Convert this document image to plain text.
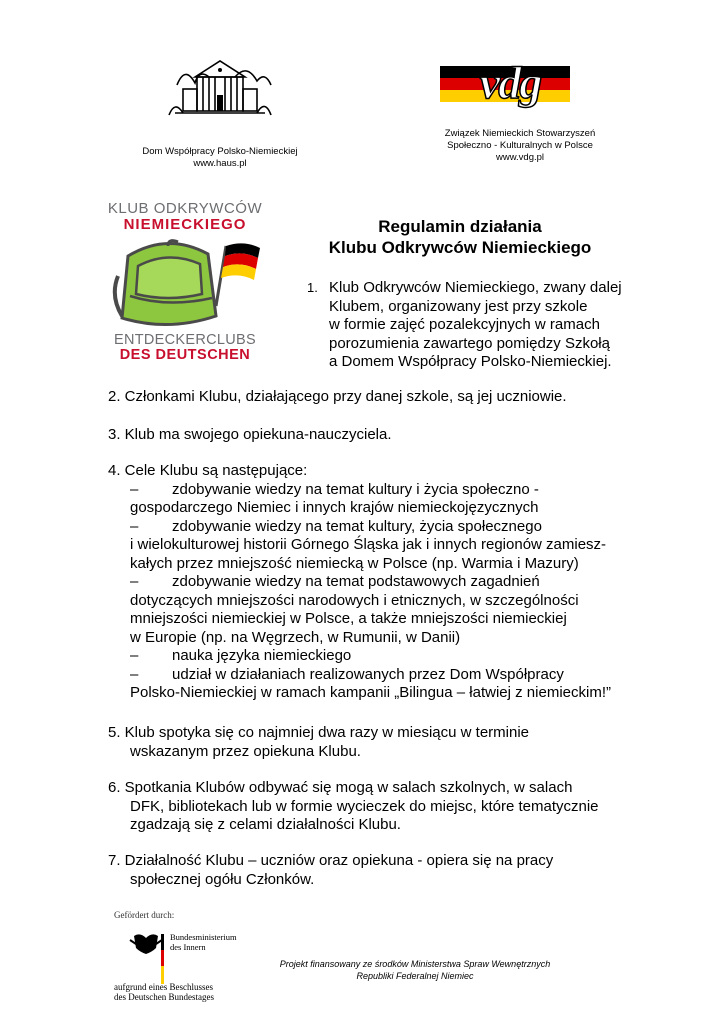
Dom Współpracy Polsko-Niemieckiej
www.haus.pl
vdg
Związek Niemieckich Stowarzyszeń
Społeczno - Kulturalnych w Polsce
www.vdg.pl
KLUB ODKRYWCÓW
NIEMIECKIEGO
ENTDECKERCLUBS
DES DEUTSCHEN
Regulamin działania
Klubu Odkrywców Niemieckiego
1. Klub Odkrywców Niemieckiego, zwany dalej
Klubem, organizowany jest przy szkole
w formie zajęć pozalekcyjnych w ramach
porozumienia zawartego pomiędzy Szkołą
a Domem Współpracy Polsko-Niemieckiej.
2. Członkami Klubu, działającego przy danej szkole, są jej uczniowie.
3. Klub ma swojego opiekuna-nauczyciela.
4. Cele Klubu są następujące:
– zdobywanie wiedzy na temat kultury i życia społeczno -
gospodarczego Niemiec i innych krajów niemieckojęzycznych
– zdobywanie wiedzy na temat kultury, życia społecznego
i wielokulturowej historii Górnego Śląska jak i innych regionów zamiesz-
kałych przez mniejszość niemiecką w Polsce (np. Warmia i Mazury)
– zdobywanie wiedzy na temat podstawowych zagadnień
dotyczących mniejszości narodowych i etnicznych, w szczególności
mniejszości niemieckiej w Polsce, a także mniejszości niemieckiej
w Europie (np. na Węgrzech, w Rumunii, w Danii)
– nauka języka niemieckiego
– udział w działaniach realizowanych przez Dom Współpracy
Polsko-Niemieckiej w ramach kampanii „Bilingua – łatwiej z niemieckim!”
5. Klub spotyka się co najmniej dwa razy w miesiącu w terminie
wskazanym przez opiekuna Klubu.
6. Spotkania Klubów odbywać się mogą w salach szkolnych, w salach
DFK, bibliotekach lub w formie wycieczek do miejsc, które tematycznie
zgadzają się z celami działalności Klubu.
7. Działalność Klubu – uczniów oraz opiekuna - opiera się na pracy
społecznej ogółu Członków.
Gefördert durch:
Bundesministerium
des Innern
aufgrund eines Beschlusses
des Deutschen Bundestages
Projekt finansowany ze środków Ministerstwa Spraw Wewnętrznych
Republiki Federalnej Niemiec
